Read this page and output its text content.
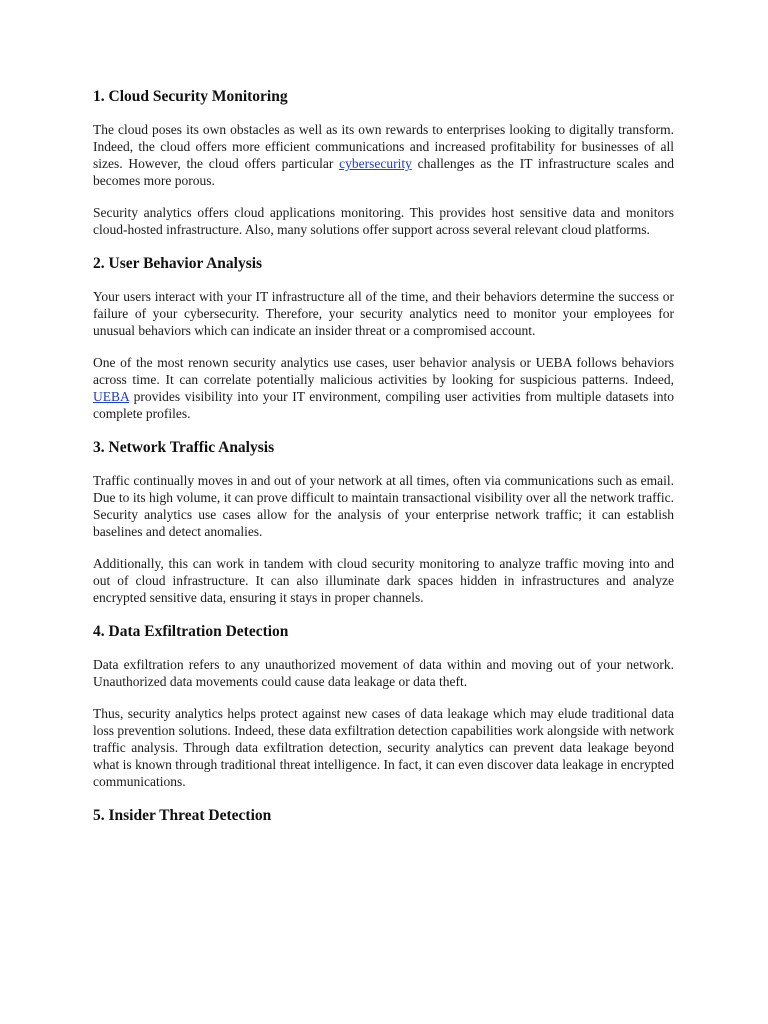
1. Cloud Security Monitoring

The cloud poses its own obstacles as well as its own rewards to enterprises looking to digitally transform. Indeed, the cloud offers more efficient communications and increased profitability for businesses of all sizes. However, the cloud offers particular cybersecurity challenges as the IT infrastructure scales and becomes more porous.

Security analytics offers cloud applications monitoring. This provides host sensitive data and monitors cloud-hosted infrastructure. Also, many solutions offer support across several relevant cloud platforms.

2. User Behavior Analysis

Your users interact with your IT infrastructure all of the time, and their behaviors determine the success or failure of your cybersecurity. Therefore, your security analytics need to monitor your employees for unusual behaviors which can indicate an insider threat or a compromised account.

One of the most renown security analytics use cases, user behavior analysis or UEBA follows behaviors across time. It can correlate potentially malicious activities by looking for suspicious patterns. Indeed, UEBA provides visibility into your IT environment, compiling user activities from multiple datasets into complete profiles.

3. Network Traffic Analysis

Traffic continually moves in and out of your network at all times, often via communications such as email. Due to its high volume, it can prove difficult to maintain transactional visibility over all the network traffic. Security analytics use cases allow for the analysis of your enterprise network traffic; it can establish baselines and detect anomalies.

Additionally, this can work in tandem with cloud security monitoring to analyze traffic moving into and out of cloud infrastructure. It can also illuminate dark spaces hidden in infrastructures and analyze encrypted sensitive data, ensuring it stays in proper channels.

4. Data Exfiltration Detection

Data exfiltration refers to any unauthorized movement of data within and moving out of your network. Unauthorized data movements could cause data leakage or data theft.

Thus, security analytics helps protect against new cases of data leakage which may elude traditional data loss prevention solutions. Indeed, these data exfiltration detection capabilities work alongside with network traffic analysis. Through data exfiltration detection, security analytics can prevent data leakage beyond what is known through traditional threat intelligence. In fact, it can even discover data leakage in encrypted communications.

5. Insider Threat Detection
